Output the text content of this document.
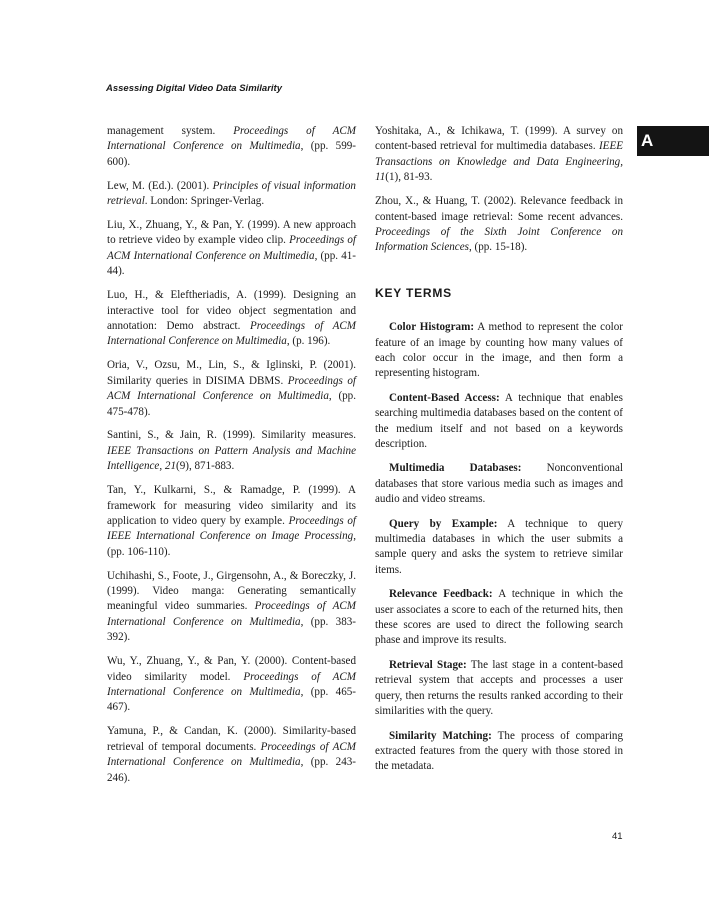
Assessing Digital Video Data Similarity

management system. Proceedings of ACM International Conference on Multimedia, (pp. 599-600).

Lew, M. (Ed.). (2001). Principles of visual information retrieval. London: Springer-Verlag.

Liu, X., Zhuang, Y., & Pan, Y. (1999). A new approach to retrieve video by example video clip. Proceedings of ACM International Conference on Multimedia, (pp. 41-44).

Luo, H., & Eleftheriadis, A. (1999). Designing an interactive tool for video object segmentation and annotation: Demo abstract. Proceedings of ACM International Conference on Multimedia, (p. 196).

Oria, V., Ozsu, M., Lin, S., & Iglinski, P. (2001). Similarity queries in DISIMA DBMS. Proceedings of ACM International Conference on Multimedia, (pp. 475-478).

Santini, S., & Jain, R. (1999). Similarity measures. IEEE Transactions on Pattern Analysis and Machine Intelligence, 21(9), 871-883.

Tan, Y., Kulkarni, S., & Ramadge, P. (1999). A framework for measuring video similarity and its application to video query by example. Proceedings of IEEE International Conference on Image Processing, (pp. 106-110).

Uchihashi, S., Foote, J., Girgensohn, A., & Boreczky, J. (1999). Video manga: Generating semantically meaningful video summaries. Proceedings of ACM International Conference on Multimedia, (pp. 383-392).

Wu, Y., Zhuang, Y., & Pan, Y. (2000). Content-based video similarity model. Proceedings of ACM International Conference on Multimedia, (pp. 465-467).

Yamuna, P., & Candan, K. (2000). Similarity-based retrieval of temporal documents. Proceedings of ACM International Conference on Multimedia, (pp. 243-246).

Yoshitaka, A., & Ichikawa, T. (1999). A survey on content-based retrieval for multimedia databases. IEEE Transactions on Knowledge and Data Engineering, 11(1), 81-93.

Zhou, X., & Huang, T. (2002). Relevance feedback in content-based image retrieval: Some recent advances. Proceedings of the Sixth Joint Conference on Information Sciences, (pp. 15-18).

KEY TERMS

Color Histogram: A method to represent the color feature of an image by counting how many values of each color occur in the image, and then form a representing histogram.

Content-Based Access: A technique that enables searching multimedia databases based on the content of the medium itself and not based on a keywords description.

Multimedia Databases: Nonconventional databases that store various media such as images and audio and video streams.

Query by Example: A technique to query multimedia databases in which the user submits a sample query and asks the system to retrieve similar items.

Relevance Feedback: A technique in which the user associates a score to each of the returned hits, then these scores are used to direct the following search phase and improve its results.

Retrieval Stage: The last stage in a content-based retrieval system that accepts and processes a user query, then returns the results ranked according to their similarities with the query.

Similarity Matching: The process of comparing extracted features from the query with those stored in the metadata.

A
41
